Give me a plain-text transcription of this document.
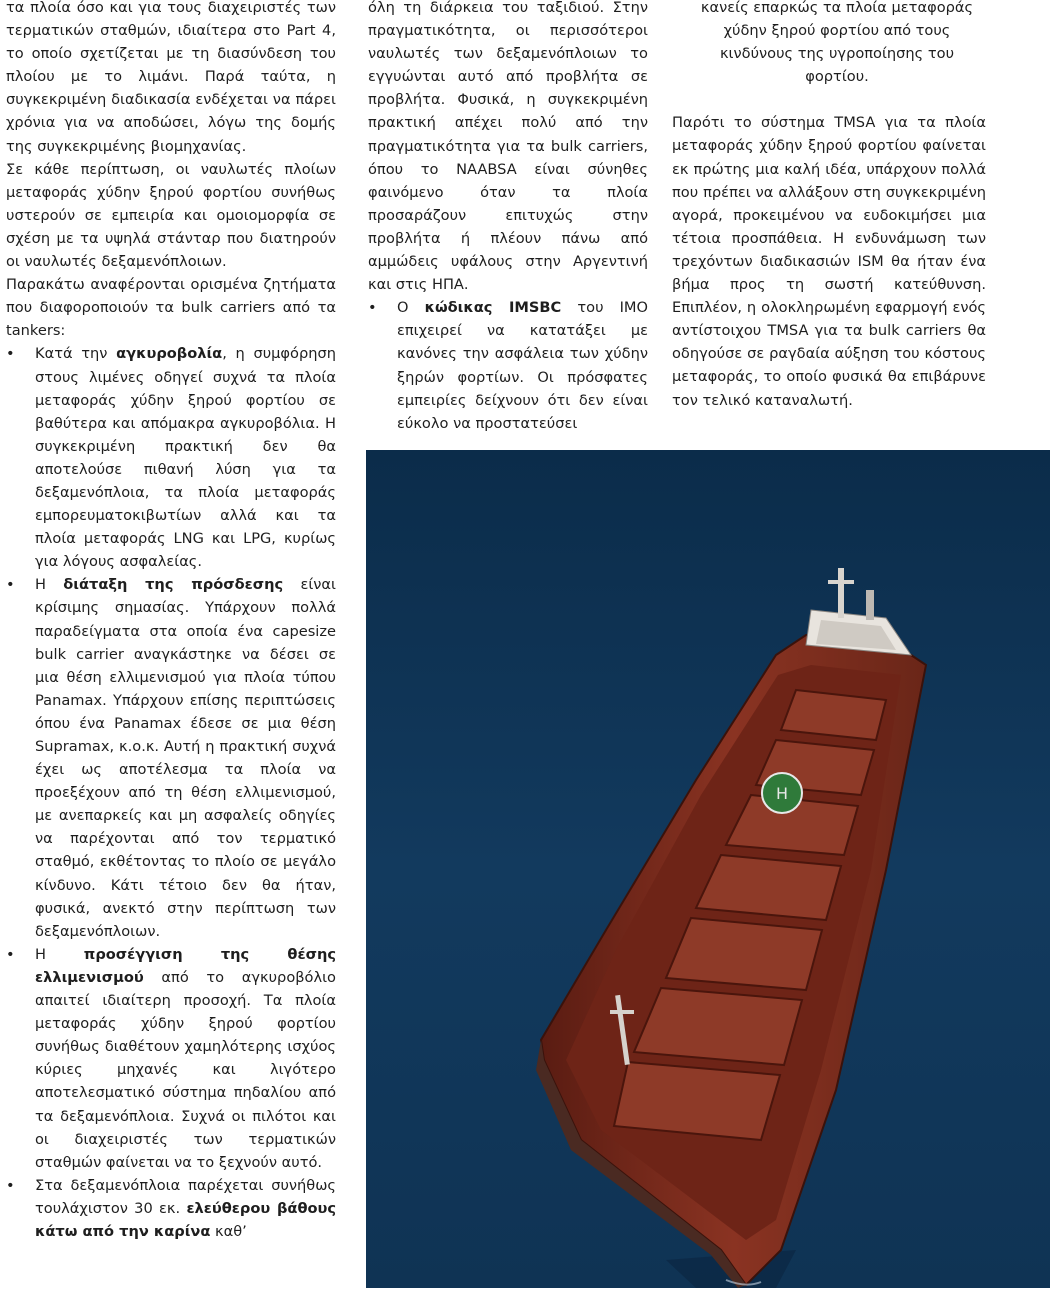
τα πλοία όσο και για τους διαχειριστές των τερματικών σταθμών, ιδιαίτερα στο Part 4, το οποίο σχετίζεται με τη διασύνδεση του πλοίου με το λιμάνι. Παρά ταύτα, η συγκεκριμένη διαδικασία ενδέχεται να πάρει χρόνια για να αποδώσει, λόγω της δομής της συγκεκριμένης βιομηχανίας.

Σε κάθε περίπτωση, οι ναυλωτές πλοίων μεταφοράς χύδην ξηρού φορτίου συνήθως υστερούν σε εμπειρία και ομοιομορφία σε σχέση με τα υψηλά στάνταρ που διατηρούν οι ναυλωτές δεξαμενόπλοιων.

Παρακάτω αναφέρονται ορισμένα ζητήματα που διαφοροποιούν τα bulk carriers από τα tankers:

• Κατά την αγκυροβολία, η συμφόρηση στους λιμένες οδηγεί συχνά τα πλοία μεταφοράς χύδην ξηρού φορτίου σε βαθύτερα και απόμακρα αγκυροβόλια. Η συγκεκριμένη πρακτική δεν θα αποτελούσε πιθανή λύση για τα δεξαμενόπλοια, τα πλοία μεταφοράς εμπορευματοκιβωτίων αλλά και τα πλοία μεταφοράς LNG και LPG, κυρίως για λόγους ασφαλείας.
• Η διάταξη της πρόσδεσης είναι κρίσιμης σημασίας. Υπάρχουν πολλά παραδείγματα στα οποία ένα capesize bulk carrier αναγκάστηκε να δέσει σε μια θέση ελλιμενισμού για πλοία τύπου Panamax. Υπάρχουν επίσης περιπτώσεις όπου ένα Panamax έδεσε σε μια θέση Supramax, κ.ο.κ. Αυτή η πρακτική συχνά έχει ως αποτέλεσμα τα πλοία να προεξέχουν από τη θέση ελλιμενισμού, με ανεπαρκείς και μη ασφαλείς οδηγίες να παρέχονται από τον τερματικό σταθμό, εκθέτοντας το πλοίο σε μεγάλο κίνδυνο. Κάτι τέτοιο δεν θα ήταν, φυσικά, ανεκτό στην περίπτωση των δεξαμενόπλοιων.
• Η προσέγγιση της θέσης ελλιμενισμού από το αγκυροβόλιο απαιτεί ιδιαίτερη προσοχή. Τα πλοία μεταφοράς χύδην ξηρού φορτίου συνήθως διαθέτουν χαμηλότερης ισχύος κύριες μηχανές και λιγότερο αποτελεσματικό σύστημα πηδαλίου από τα δεξαμενόπλοια. Συχνά οι πιλότοι και οι διαχειριστές των τερματικών σταθμών φαίνεται να το ξεχνούν αυτό.
• Στα δεξαμενόπλοια παρέχεται συνήθως τουλάχιστον 30 εκ. ελεύθερου βάθους κάτω από την καρίνα καθ’

όλη τη διάρκεια του ταξιδιού. Στην πραγματικότητα, οι περισσότεροι ναυλωτές των δεξαμενόπλοιων το εγγυώνται αυτό από προβλήτα σε προβλήτα. Φυσικά, η συγκεκριμένη πρακτική απέχει πολύ από την πραγματικότητα για τα bulk carriers, όπου το NAABSA είναι σύνηθες φαινόμενο όταν τα πλοία προσαράζουν επιτυχώς στην προβλήτα ή πλέουν πάνω από αμμώδεις υφάλους στην Αργεντινή και στις ΗΠΑ.

• Ο κώδικας IMSBC του ΙΜΟ επιχειρεί να κατατάξει με κανόνες την ασφάλεια των χύδην ξηρών φορτίων. Οι πρόσφατες εμπειρίες δείχνουν ότι δεν είναι εύκολο να προστατεύσει

κανείς επαρκώς τα πλοία μεταφοράς χύδην ξηρού φορτίου από τους κινδύνους της υγροποίησης του φορτίου.

Παρότι το σύστημα TMSA για τα πλοία μεταφοράς χύδην ξηρού φορτίου φαίνεται εκ πρώτης μια καλή ιδέα, υπάρχουν πολλά που πρέπει να αλλάξουν στη συγκεκριμένη αγορά, προκειμένου να ευδοκιμήσει μια τέτοια προσπάθεια. Η ενδυνάμωση των τρεχόντων διαδικασιών ISM θα ήταν ένα βήμα προς τη σωστή κατεύθυνση. Επιπλέον, η ολοκληρωμένη εφαρμογή ενός αντίστοιχου TMSA για τα bulk carriers θα οδηγούσε σε ραγδαία αύξηση του κόστους μεταφοράς, το οποίο φυσικά θα επιβάρυνε τον τελικό καταναλωτή.

H
